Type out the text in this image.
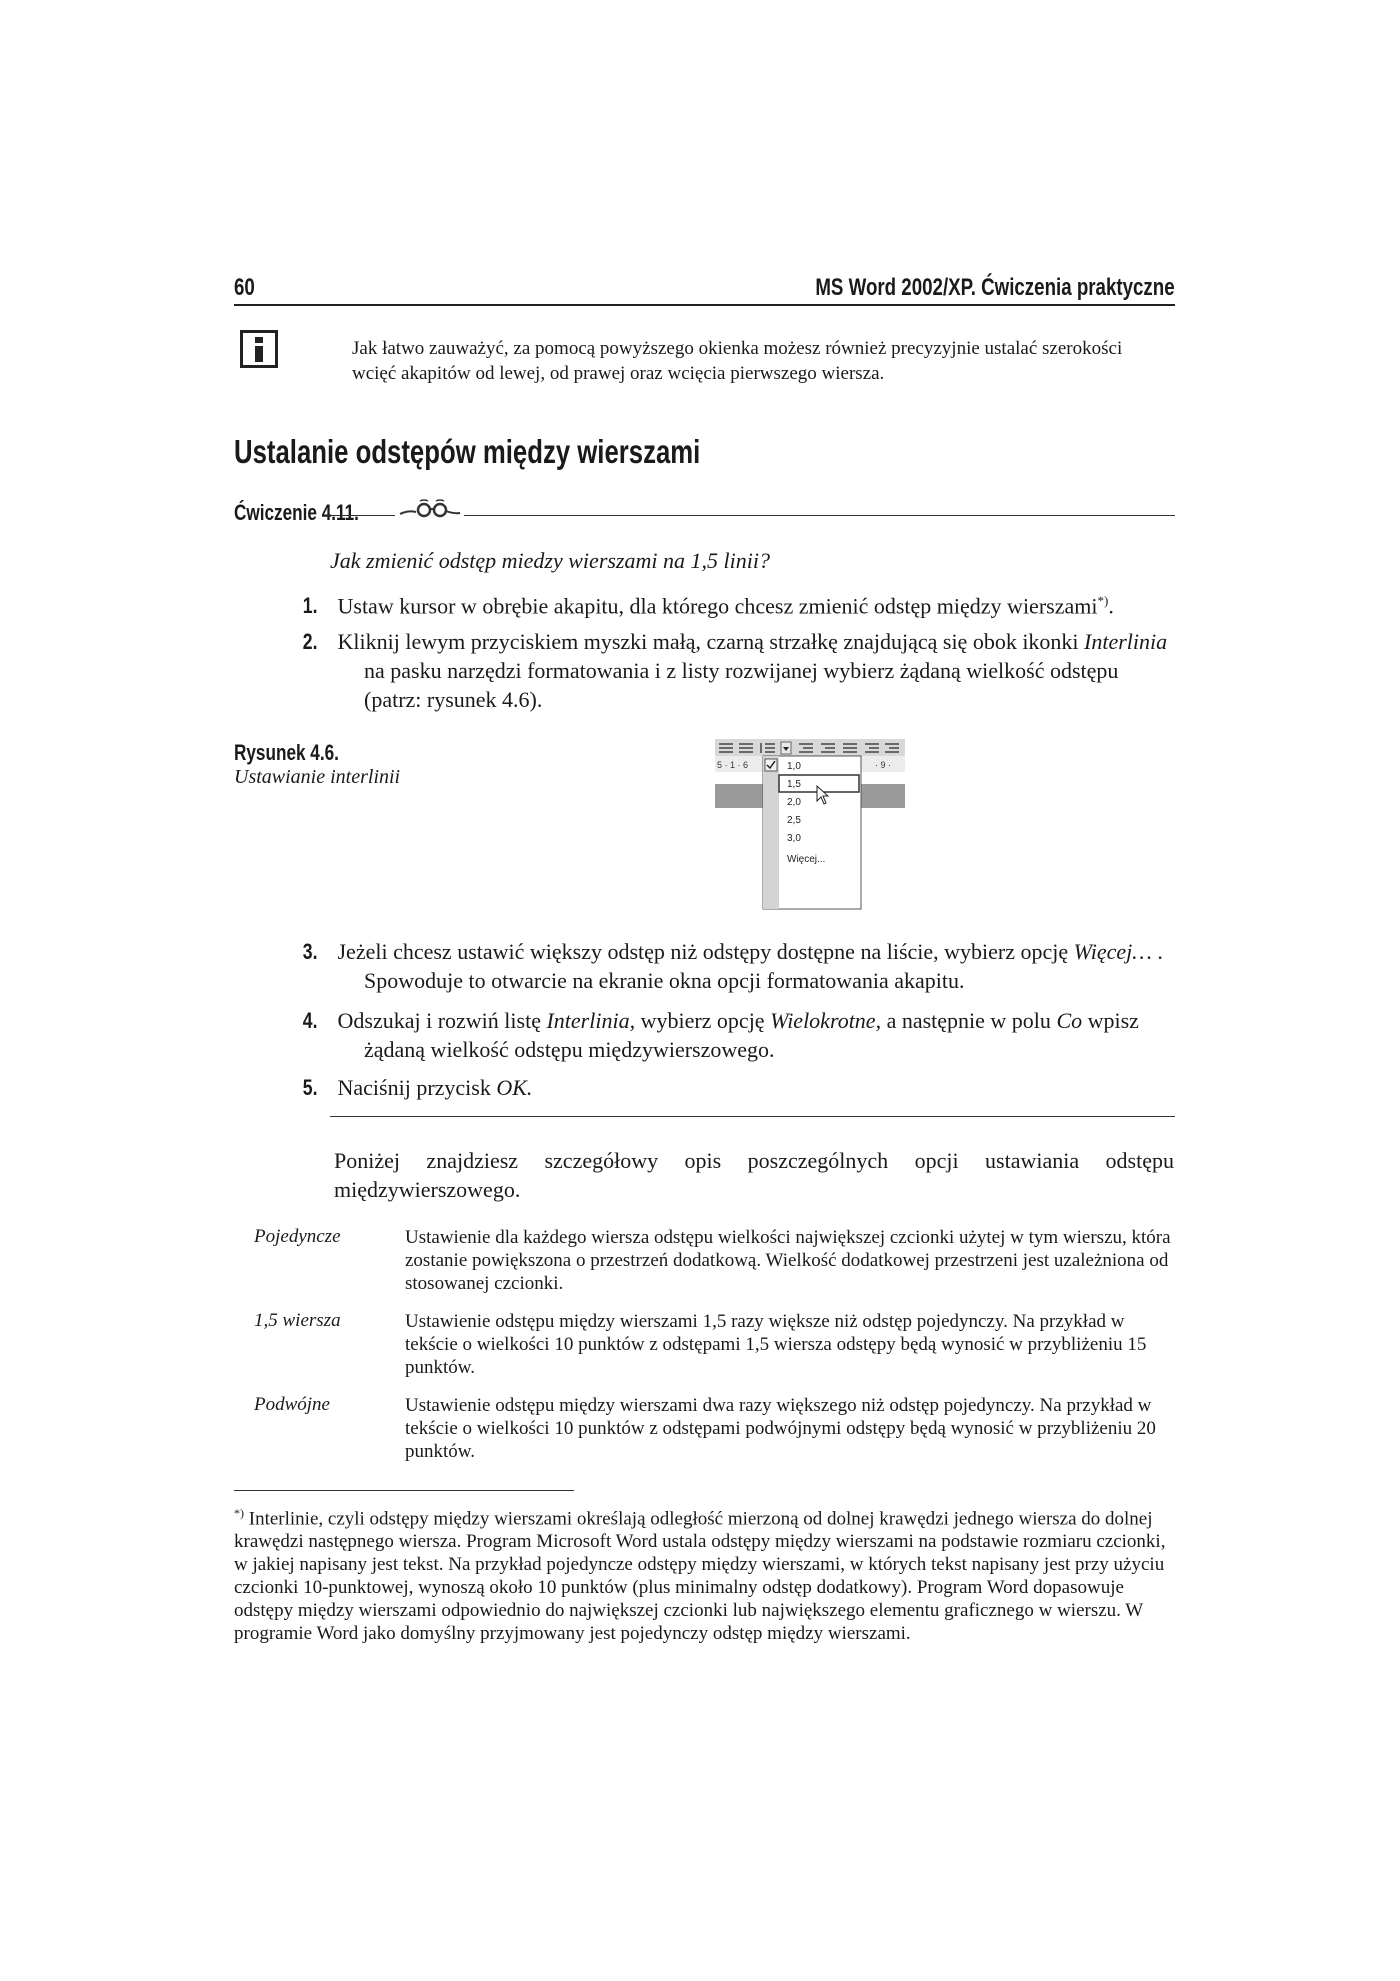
60	MS Word 2002/XP. Ćwiczenia praktyczne
Jak łatwo zauważyć, za pomocą powyższego okienka możesz również precyzyjnie ustalać szerokości wcięć akapitów od lewej, od prawej oraz wcięcia pierwszego wiersza.
Ustalanie odstępów między wierszami
Ćwiczenie 4.11.
Jak zmienić odstęp miedzy wierszami na 1,5 linii?
1. Ustaw kursor w obrębie akapitu, dla którego chcesz zmienić odstęp między wierszami*).
2. Kliknij lewym przyciskiem myszki małą, czarną strzałkę znajdującą się obok ikonki Interlinia na pasku narzędzi formatowania i z listy rozwijanej wybierz żądaną wielkość odstępu (patrz: rysunek 4.6).
Rysunek 4.6.
Ustawianie interlinii
5 · 1 · 6	· 9 ·
1,0
1,5
2,0
2,5
3,0
Więcej...
3. Jeżeli chcesz ustawić większy odstęp niż odstępy dostępne na liście, wybierz opcję Więcej… . Spowoduje to otwarcie na ekranie okna opcji formatowania akapitu.
4. Odszukaj i rozwiń listę Interlinia, wybierz opcję Wielokrotne, a następnie w polu Co wpisz żądaną wielkość odstępu międzywierszowego.
5. Naciśnij przycisk OK.
Poniżej znajdziesz szczegółowy opis poszczególnych opcji ustawiania odstępu międzywierszowego.
Pojedyncze	Ustawienie dla każdego wiersza odstępu wielkości największej czcionki użytej w tym wierszu, która zostanie powiększona o przestrzeń dodatkową. Wielkość dodatkowej przestrzeni jest uzależniona od stosowanej czcionki.
1,5 wiersza	Ustawienie odstępu między wierszami 1,5 razy większe niż odstęp pojedynczy. Na przykład w tekście o wielkości 10 punktów z odstępami 1,5 wiersza odstępy będą wynosić w przybliżeniu 15 punktów.
Podwójne	Ustawienie odstępu między wierszami dwa razy większego niż odstęp pojedynczy. Na przykład w tekście o wielkości 10 punktów z odstępami podwójnymi odstępy będą wynosić w przybliżeniu 20 punktów.
*) Interlinie, czyli odstępy między wierszami określają odległość mierzoną od dolnej krawędzi jednego wiersza do dolnej krawędzi następnego wiersza. Program Microsoft Word ustala odstępy między wierszami na podstawie rozmiaru czcionki, w jakiej napisany jest tekst. Na przykład pojedyncze odstępy między wierszami, w których tekst napisany jest przy użyciu czcionki 10-punktowej, wynoszą około 10 punktów (plus minimalny odstęp dodatkowy). Program Word dopasowuje odstępy między wierszami odpowiednio do największej czcionki lub największego elementu graficznego w wierszu. W programie Word jako domyślny przyjmowany jest pojedynczy odstęp między wierszami.
